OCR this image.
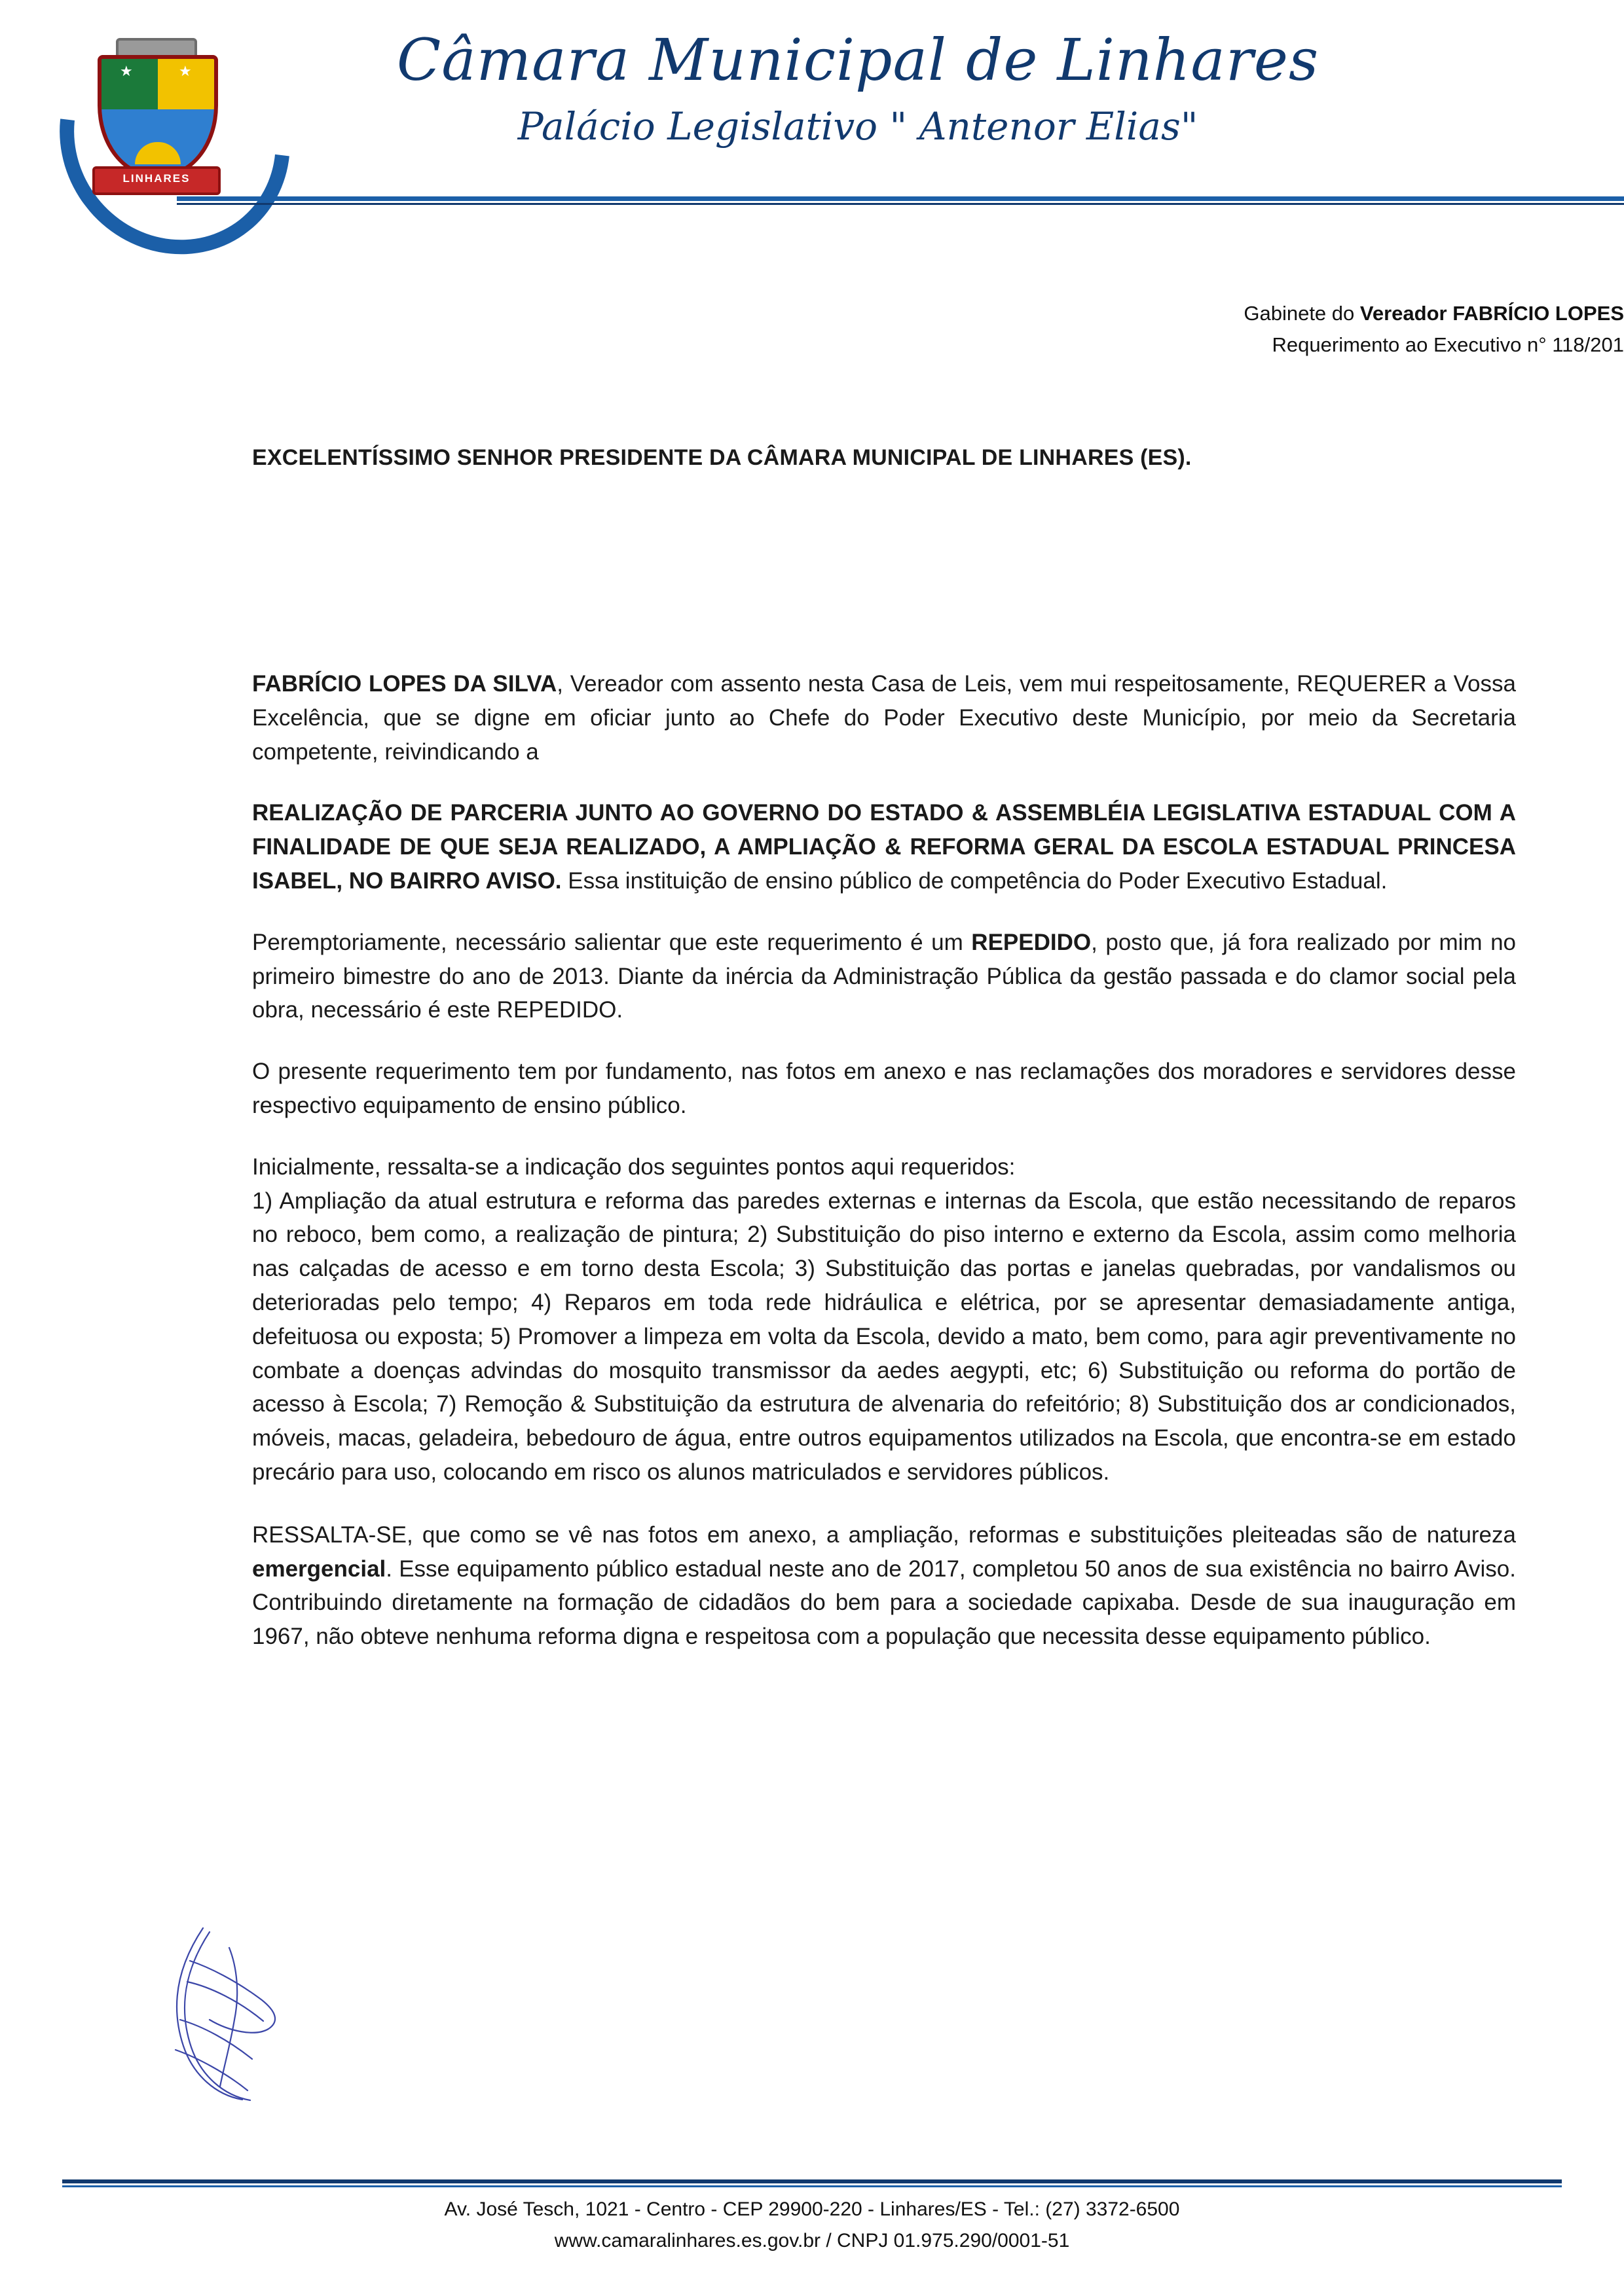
★	★
LINHARES
Câmara Municipal de Linhares
Palácio Legislativo " Antenor Elias"
Gabinete do Vereador FABRÍCIO LOPES
Requerimento ao Executivo n° 118/201
EXCELENTÍSSIMO SENHOR PRESIDENTE DA CÂMARA MUNICIPAL DE LINHARES (ES).

FABRÍCIO LOPES DA SILVA, Vereador com assento nesta Casa de Leis, vem mui respeitosamente, REQUERER a Vossa Excelência, que se digne em oficiar junto ao Chefe do Poder Executivo deste Município, por meio da Secretaria competente, reivindicando a

REALIZAÇÃO DE PARCERIA JUNTO AO GOVERNO DO ESTADO & ASSEMBLÉIA LEGISLATIVA ESTADUAL COM A FINALIDADE DE QUE SEJA REALIZADO, A AMPLIAÇÃO & REFORMA GERAL DA ESCOLA ESTADUAL PRINCESA ISABEL, NO BAIRRO AVISO. Essa instituição de ensino público de competência do Poder Executivo Estadual.

Peremptoriamente, necessário salientar que este requerimento é um REPEDIDO, posto que, já fora realizado por mim no primeiro bimestre do ano de 2013. Diante da inércia da Administração Pública da gestão passada e do clamor social pela obra, necessário é este REPEDIDO.

O presente requerimento tem por fundamento, nas fotos em anexo e nas reclamações dos moradores e servidores desse respectivo equipamento de ensino público.

Inicialmente, ressalta-se a indicação dos seguintes pontos aqui requeridos:
1) Ampliação da atual estrutura e reforma das paredes externas e internas da Escola, que estão necessitando de reparos no reboco, bem como, a realização de pintura; 2) Substituição do piso interno e externo da Escola, assim como melhoria nas calçadas de acesso e em torno desta Escola; 3) Substituição das portas e janelas quebradas, por vandalismos ou deterioradas pelo tempo; 4) Reparos em toda rede hidráulica e elétrica, por se apresentar demasiadamente antiga, defeituosa ou exposta; 5) Promover a limpeza em volta da Escola, devido a mato, bem como, para agir preventivamente no combate a doenças advindas do mosquito transmissor da aedes aegypti, etc; 6) Substituição ou reforma do portão de acesso à Escola; 7) Remoção & Substituição da estrutura de alvenaria do refeitório; 8) Substituição dos ar condicionados, móveis, macas, geladeira, bebedouro de água, entre outros equipamentos utilizados na Escola, que encontra-se em estado precário para uso, colocando em risco os alunos matriculados e servidores públicos.

RESSALTA-SE, que como se vê nas fotos em anexo, a ampliação, reformas e substituições pleiteadas são de natureza emergencial. Esse equipamento público estadual neste ano de 2017, completou 50 anos de sua existência no bairro Aviso. Contribuindo diretamente na formação de cidadãos do bem para a sociedade capixaba. Desde de sua inauguração em 1967, não obteve nenhuma reforma digna e respeitosa com a população que necessita desse equipamento público.

Av. José Tesch, 1021 - Centro - CEP 29900-220 - Linhares/ES - Tel.: (27) 3372-6500
www.camaralinhares.es.gov.br / CNPJ 01.975.290/0001-51
